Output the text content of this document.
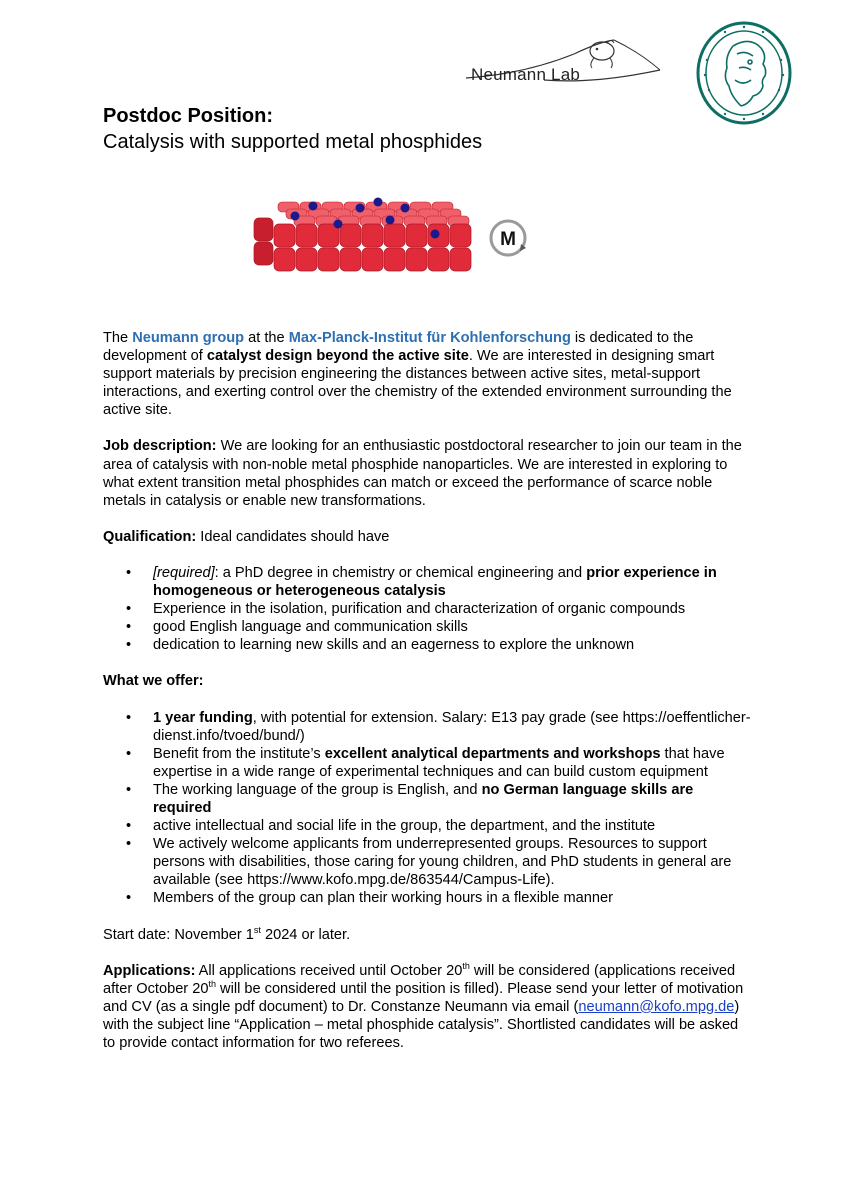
Neumann Lab
Postdoc Position:
Catalysis with supported metal phosphides
M

The Neumann group at the Max-Planck-Institut für Kohlenforschung is dedicated to the development of catalyst design beyond the active site. We are interested in designing smart support materials by precision engineering the distances between active sites, metal-support interactions, and exerting control over the chemistry of the extended environment surrounding the active site.

Job description: We are looking for an enthusiastic postdoctoral researcher to join our team in the area of catalysis with non-noble metal phosphide nanoparticles. We are interested in exploring to what extent transition metal phosphides can match or exceed the performance of scarce noble metals in catalysis or enable new transformations.

Qualification: Ideal candidates should have

• [required]: a PhD degree in chemistry or chemical engineering and prior experience in homogeneous or heterogeneous catalysis
• Experience in the isolation, purification and characterization of organic compounds
• good English language and communication skills
• dedication to learning new skills and an eagerness to explore the unknown

What we offer:

• 1 year funding, with potential for extension. Salary: E13 pay grade (see https://oeffentlicher-dienst.info/tvoed/bund/)
• Benefit from the institute’s excellent analytical departments and workshops that have expertise in a wide range of experimental techniques and can build custom equipment
• The working language of the group is English, and no German language skills are required
• active intellectual and social life in the group, the department, and the institute
• We actively welcome applicants from underrepresented groups. Resources to support persons with disabilities, those caring for young children, and PhD students in general are available (see https://www.kofo.mpg.de/863544/Campus-Life).
• Members of the group can plan their working hours in a flexible manner

Start date: November 1st 2024 or later.

Applications: All applications received until October 20th will be considered (applications received after October 20th will be considered until the position is filled). Please send your letter of motivation and CV (as a single pdf document) to Dr. Constanze Neumann via email (neumann@kofo.mpg.de) with the subject line “Application – metal phosphide catalysis”. Shortlisted candidates will be asked to provide contact information for two referees.
